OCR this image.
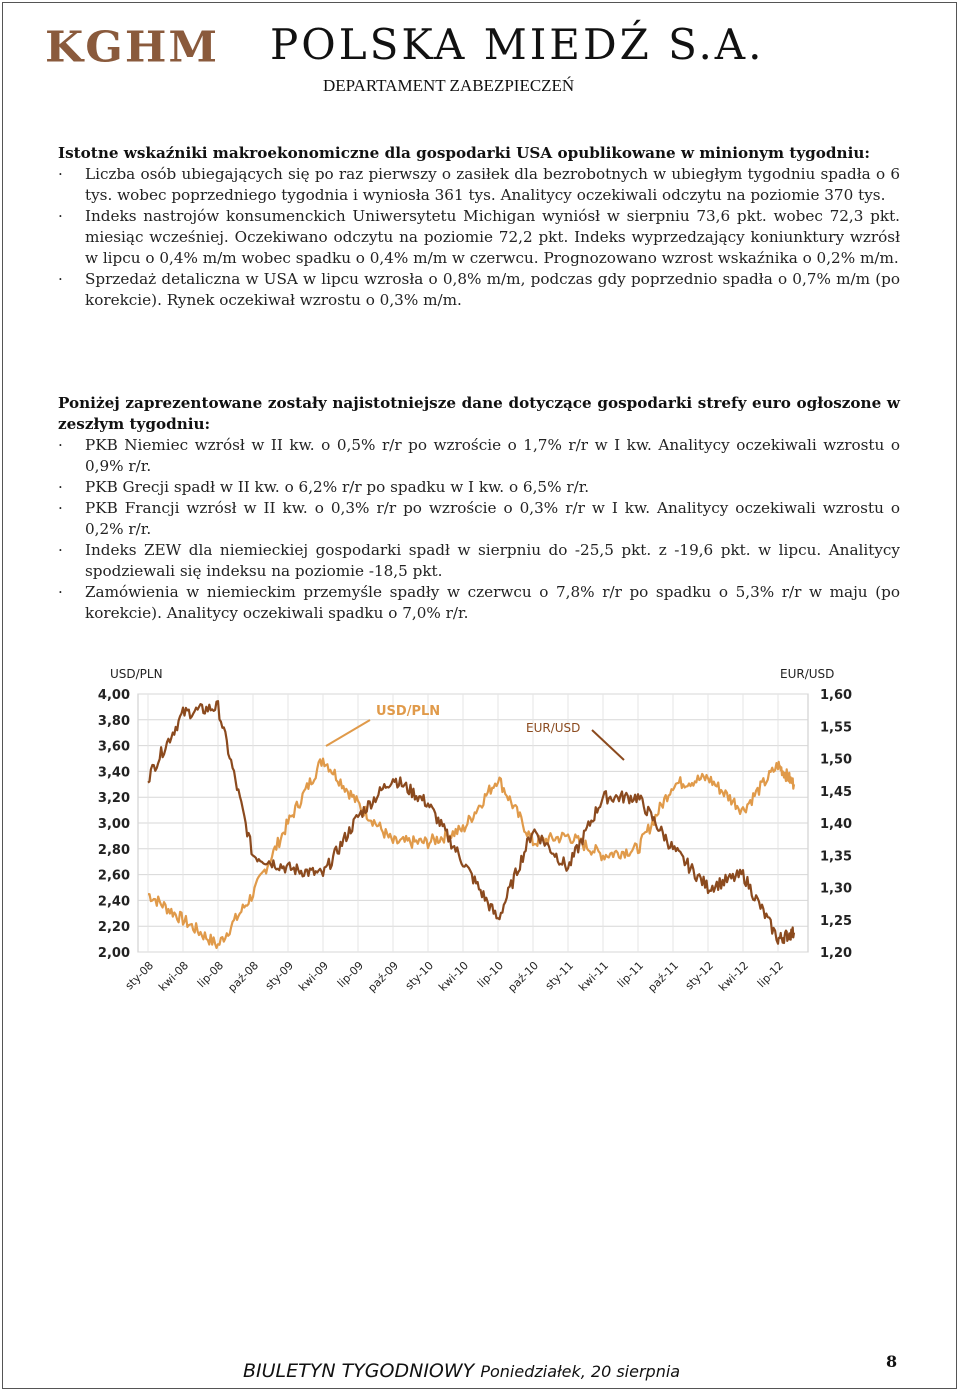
KGHM POLSKA MIEDŹ S.A.
DEPARTAMENT ZABEZPIECZEŃ

Istotne wskaźniki makroekonomiczne dla gospodarki USA opublikowane w minionym tygodniu:

·	Liczba osób ubiegających się po raz pierwszy o zasiłek dla bezrobotnych w ubiegłym tygodniu spadła o 6 tys. wobec poprzedniego tygodnia i wyniosła 361 tys. Analitycy oczekiwali odczytu na poziomie 370 tys.

·	Indeks nastrojów konsumenckich Uniwersytetu Michigan wyniósł w sierpniu 73,6 pkt. wobec 72,3 pkt. miesiąc wcześniej. Oczekiwano odczytu na poziomie 72,2 pkt. Indeks wyprzedzający koniunktury wzrósł w lipcu o 0,4% m/m wobec spadku o 0,4% m/m w czerwcu. Prognozowano wzrost wskaźnika o 0,2% m/m.

·	Sprzedaż detaliczna w USA w lipcu wzrosła o 0,8% m/m, podczas gdy poprzednio spadła o 0,7% m/m (po korekcie). Rynek oczekiwał wzrostu o 0,3% m/m.

Poniżej zaprezentowane zostały najistotniejsze dane dotyczące gospodarki strefy euro ogłoszone w zeszłym tygodniu:

·	PKB Niemiec wzrósł w II kw. o 0,5% r/r po wzroście o 1,7% r/r w I kw. Analitycy oczekiwali wzrostu o 0,9% r/r.

·	PKB Grecji spadł w II kw. o 6,2% r/r po spadku w I kw. o 6,5% r/r.

·	PKB Francji wzrósł w II kw. o 0,3% r/r po wzroście o 0,3% r/r w I kw. Analitycy oczekiwali wzrostu o 0,2% r/r.

·	Indeks ZEW dla niemieckiej gospodarki spadł w sierpniu do -25,5 pkt. z -19,6 pkt. w lipcu. Analitycy spodziewali się indeksu na poziomie -18,5 pkt.

·	Zamówienia w niemieckim przemyśle spadły w czerwcu o 7,8% r/r po spadku o 5,3% r/r w maju (po korekcie). Analitycy oczekiwali spadku o 7,0% r/r.

4,00
3,80
3,60
3,40
3,20
3,00
2,80
2,60
2,40
2,20
2,00
1,60
1,55
1,50
1,45
1,40
1,35
1,30
1,25
1,20
sty-08 kwi-08 lip-08 paź-08 sty-09 kwi-09 lip-09 paź-09 sty-10 kwi-10 lip-10 paź-10 sty-11 kwi-11 lip-11 paź-11 sty-12 kwi-12 lip-12
USD/PLN	EUR/USD
USD/PLN
EUR/USD
BIULETYN TYGODNIOWY Poniedziałek, 20 sierpnia
8
